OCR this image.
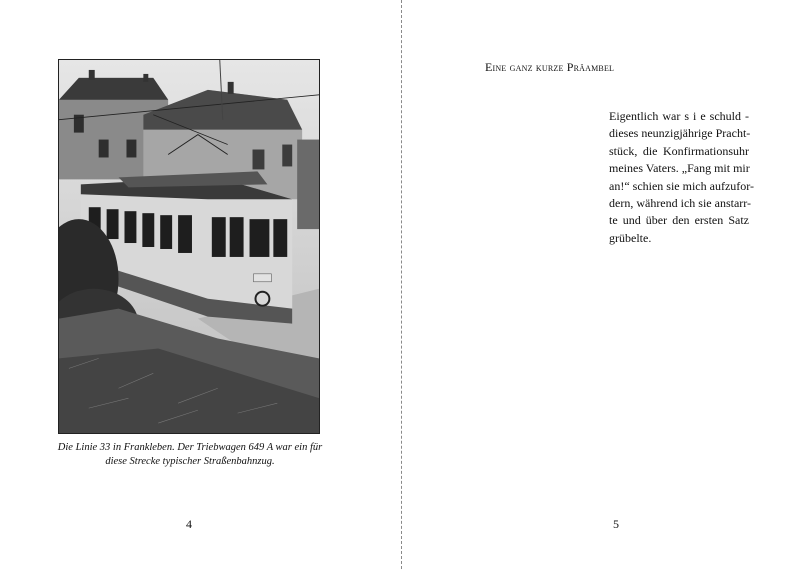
Die Linie 33 in Frankleben. Der Triebwagen 649 A war ein für diese Strecke typischer Straßenbahnzug.
4
Eine ganz kurze Präambel
Eigentlich war s i e schuld -
dieses neunzigjährige Pracht-
stück, die Konfirmationsuhr
meines Vaters. „Fang mit mir
an!“ schien sie mich aufzufor-
dern, während ich sie anstarr-
te und über den ersten Satz
grübelte.
5
